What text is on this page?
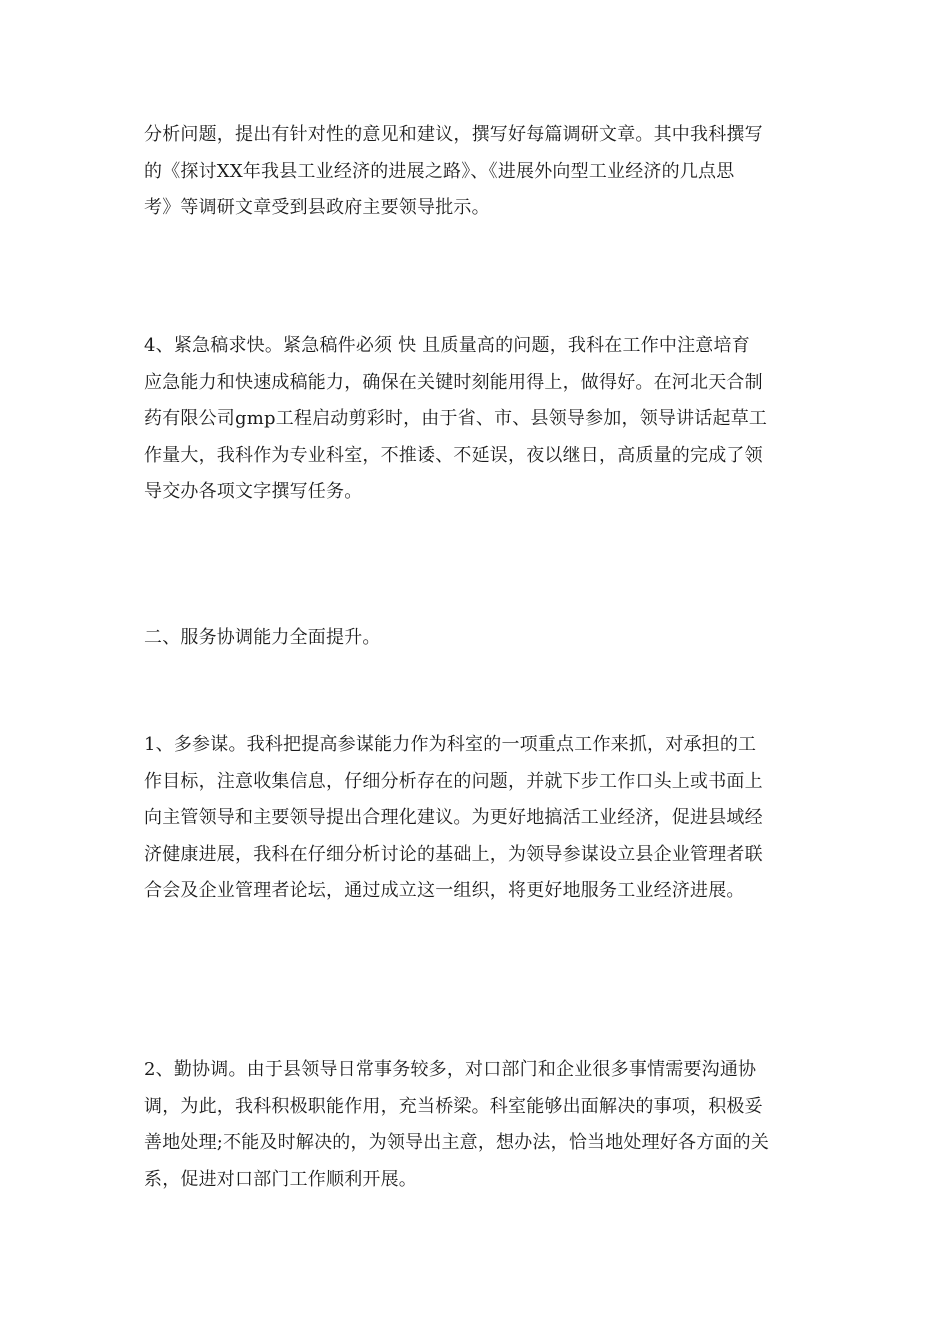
分析问题，提出有针对性的意见和建议，撰写好每篇调研文章。其中我科撰写
的《探讨XX年我县工业经济的进展之路》、《进展外向型工业经济的几点思
考》等调研文章受到县政府主要领导批示。

4、紧急稿求快。紧急稿件必须 快 且质量高的问题，我科在工作中注意培育
应急能力和快速成稿能力，确保在关键时刻能用得上，做得好。在河北天合制
药有限公司gmp工程启动剪彩时，由于省、市、县领导参加，领导讲话起草工
作量大，我科作为专业科室，不推诿、不延误，夜以继日，高质量的完成了领
导交办各项文字撰写任务。

二、服务协调能力全面提升。

1、多参谋。我科把提高参谋能力作为科室的一项重点工作来抓，对承担的工
作目标，注意收集信息，仔细分析存在的问题，并就下步工作口头上或书面上
向主管领导和主要领导提出合理化建议。为更好地搞活工业经济，促进县域经
济健康进展，我科在仔细分析讨论的基础上，为领导参谋设立县企业管理者联
合会及企业管理者论坛，通过成立这一组织，将更好地服务工业经济进展。

2、勤协调。由于县领导日常事务较多，对口部门和企业很多事情需要沟通协
调，为此，我科积极职能作用，充当桥梁。科室能够出面解决的事项，积极妥
善地处理;不能及时解决的，为领导出主意，想办法，恰当地处理好各方面的关
系，促进对口部门工作顺利开展。
